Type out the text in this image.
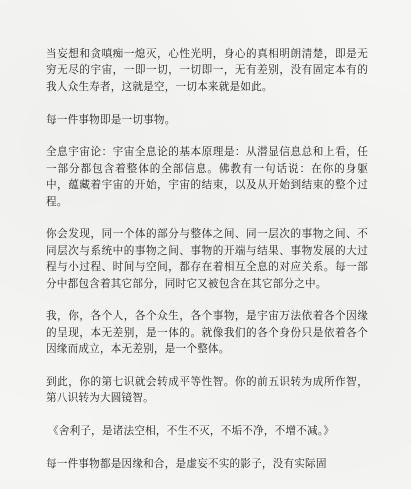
当妄想和贪嗔痴一熄灭，心性光明，身心的真相明朗清楚，即是无穷无尽的宇宙，一即一切，一切即一，无有差别，没有固定本有的我人众生寿者，这就是空，一切本来就是如此。

每一件事物即是一切事物。

全息宇宙论：宇宙全息论的基本原理是：从潜显信息总和上看，任一部分都包含着整体的全部信息。佛教有一句话说：在你的身躯中，蕴藏着宇宙的开始，宇宙的结束，以及从开始到结束的整个过程。

你会发现，同一个体的部分与整体之间、同一层次的事物之间、不同层次与系统中的事物之间、事物的开端与结果、事物发展的大过程与小过程、时间与空间，都存在着相互全息的对应关系。每一部分中都包含着其它部分，同时它又被包含在其它部分之中。

我，你，各个人，各个众生，各个事物，是宇宙万法依着各个因缘的呈现，本无差别，是一体的。就像我们的各个身份只是依着各个因缘而成立，本无差别，是一个整体。

到此，你的第七识就会转成平等性智。你的前五识转为成所作智，第八识转为大圆镜智。

《舍利子，是诸法空相，不生不灭，不垢不净，不增不减。》

每一件事物都是因缘和合，是虚妄不实的影子，没有实际固
